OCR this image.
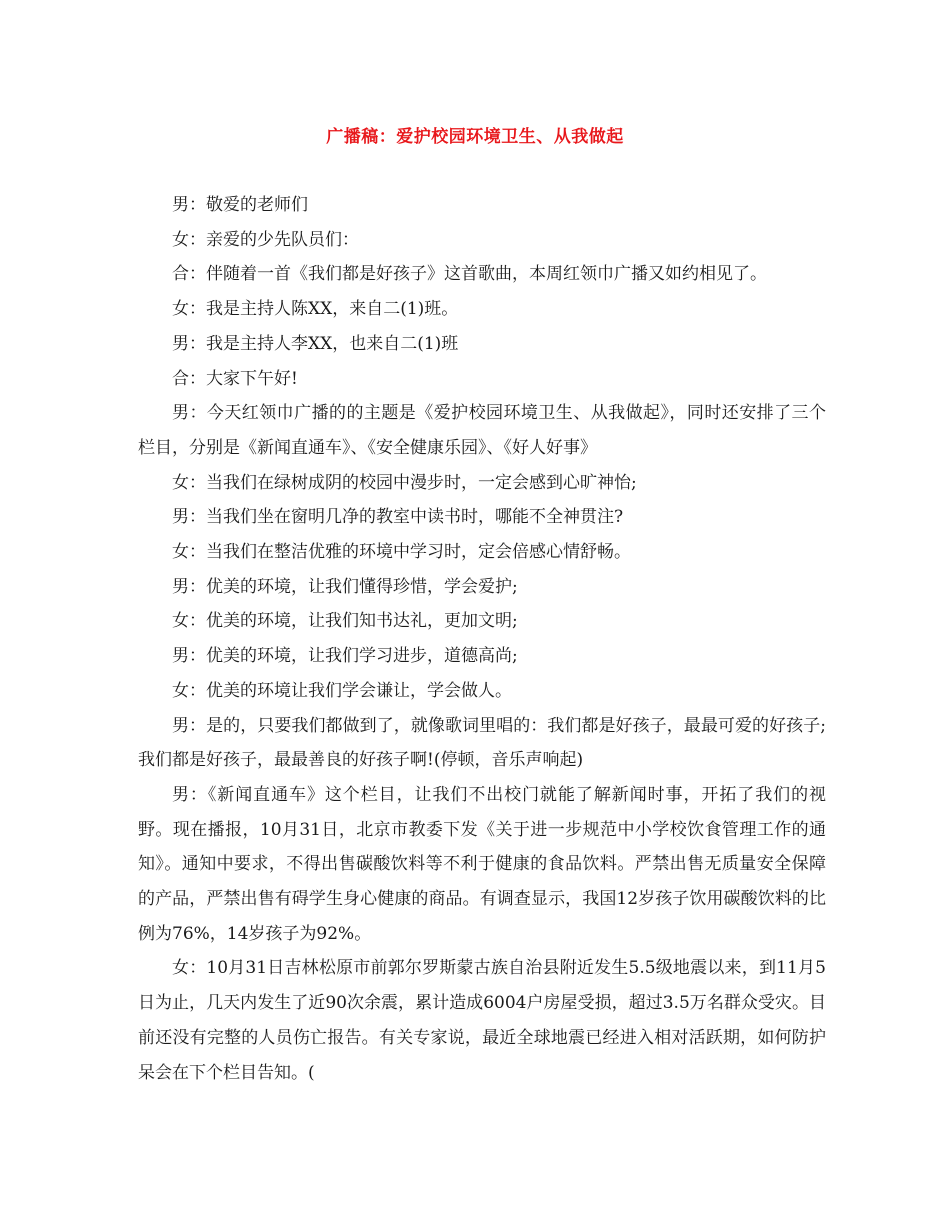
广播稿：爱护校园环境卫生、从我做起

男：敬爱的老师们

女：亲爱的少先队员们：

合：伴随着一首《我们都是好孩子》这首歌曲，本周红领巾广播又如约相见了。

女：我是主持人陈XX，来自二(1)班。

男：我是主持人李XX，也来自二(1)班

合：大家下午好!

男：今天红领巾广播的的主题是《爱护校园环境卫生、从我做起》，同时还安排了三个栏目，分别是《新闻直通车》、《安全健康乐园》、《好人好事》

女：当我们在绿树成阴的校园中漫步时，一定会感到心旷神怡;

男：当我们坐在窗明几净的教室中读书时，哪能不全神贯注?

女：当我们在整洁优雅的环境中学习时，定会倍感心情舒畅。

男：优美的环境，让我们懂得珍惜，学会爱护;

女：优美的环境，让我们知书达礼，更加文明;

男：优美的环境，让我们学习进步，道德高尚;

女：优美的环境让我们学会谦让，学会做人。

男：是的，只要我们都做到了，就像歌词里唱的：我们都是好孩子，最最可爱的好孩子;我们都是好孩子，最最善良的好孩子啊!(停顿，音乐声响起)

男：《新闻直通车》这个栏目，让我们不出校门就能了解新闻时事，开拓了我们的视野。现在播报，10月31日，北京市教委下发《关于进一步规范中小学校饮食管理工作的通知》。通知中要求，不得出售碳酸饮料等不利于健康的食品饮料。严禁出售无质量安全保障的产品，严禁出售有碍学生身心健康的商品。有调查显示，我国12岁孩子饮用碳酸饮料的比例为76%，14岁孩子为92%。

女：10月31日吉林松原市前郭尔罗斯蒙古族自治县附近发生5.5级地震以来，到11月5日为止，几天内发生了近90次余震，累计造成6004户房屋受损，超过3.5万名群众受灾。目前还没有完整的人员伤亡报告。有关专家说，最近全球地震已经进入相对活跃期，如何防护呆会在下个栏目告知。(
